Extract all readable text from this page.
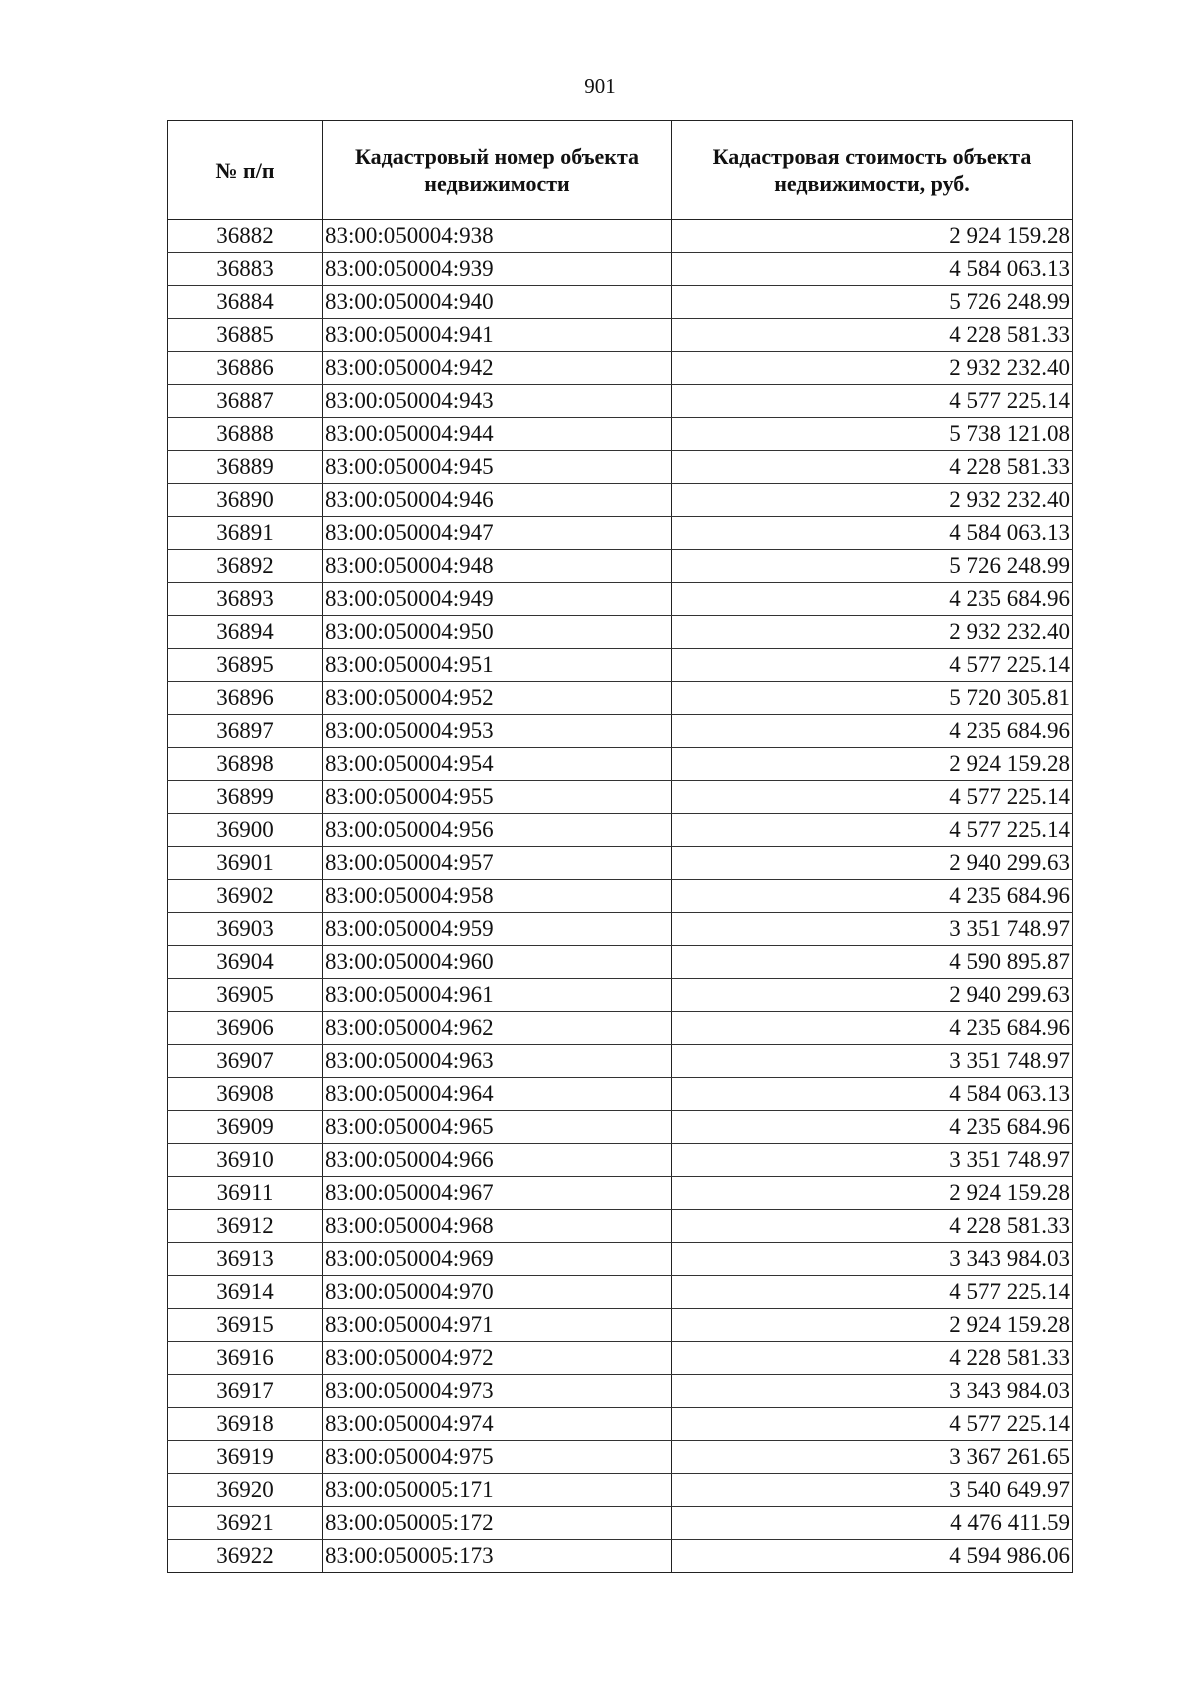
901
№ п/п	Кадастровый номер объекта недвижимости	Кадастровая стоимость объекта недвижимости, руб.
36882	83:00:050004:938	2 924 159.28
36883	83:00:050004:939	4 584 063.13
36884	83:00:050004:940	5 726 248.99
36885	83:00:050004:941	4 228 581.33
36886	83:00:050004:942	2 932 232.40
36887	83:00:050004:943	4 577 225.14
36888	83:00:050004:944	5 738 121.08
36889	83:00:050004:945	4 228 581.33
36890	83:00:050004:946	2 932 232.40
36891	83:00:050004:947	4 584 063.13
36892	83:00:050004:948	5 726 248.99
36893	83:00:050004:949	4 235 684.96
36894	83:00:050004:950	2 932 232.40
36895	83:00:050004:951	4 577 225.14
36896	83:00:050004:952	5 720 305.81
36897	83:00:050004:953	4 235 684.96
36898	83:00:050004:954	2 924 159.28
36899	83:00:050004:955	4 577 225.14
36900	83:00:050004:956	4 577 225.14
36901	83:00:050004:957	2 940 299.63
36902	83:00:050004:958	4 235 684.96
36903	83:00:050004:959	3 351 748.97
36904	83:00:050004:960	4 590 895.87
36905	83:00:050004:961	2 940 299.63
36906	83:00:050004:962	4 235 684.96
36907	83:00:050004:963	3 351 748.97
36908	83:00:050004:964	4 584 063.13
36909	83:00:050004:965	4 235 684.96
36910	83:00:050004:966	3 351 748.97
36911	83:00:050004:967	2 924 159.28
36912	83:00:050004:968	4 228 581.33
36913	83:00:050004:969	3 343 984.03
36914	83:00:050004:970	4 577 225.14
36915	83:00:050004:971	2 924 159.28
36916	83:00:050004:972	4 228 581.33
36917	83:00:050004:973	3 343 984.03
36918	83:00:050004:974	4 577 225.14
36919	83:00:050004:975	3 367 261.65
36920	83:00:050005:171	3 540 649.97
36921	83:00:050005:172	4 476 411.59
36922	83:00:050005:173	4 594 986.06
